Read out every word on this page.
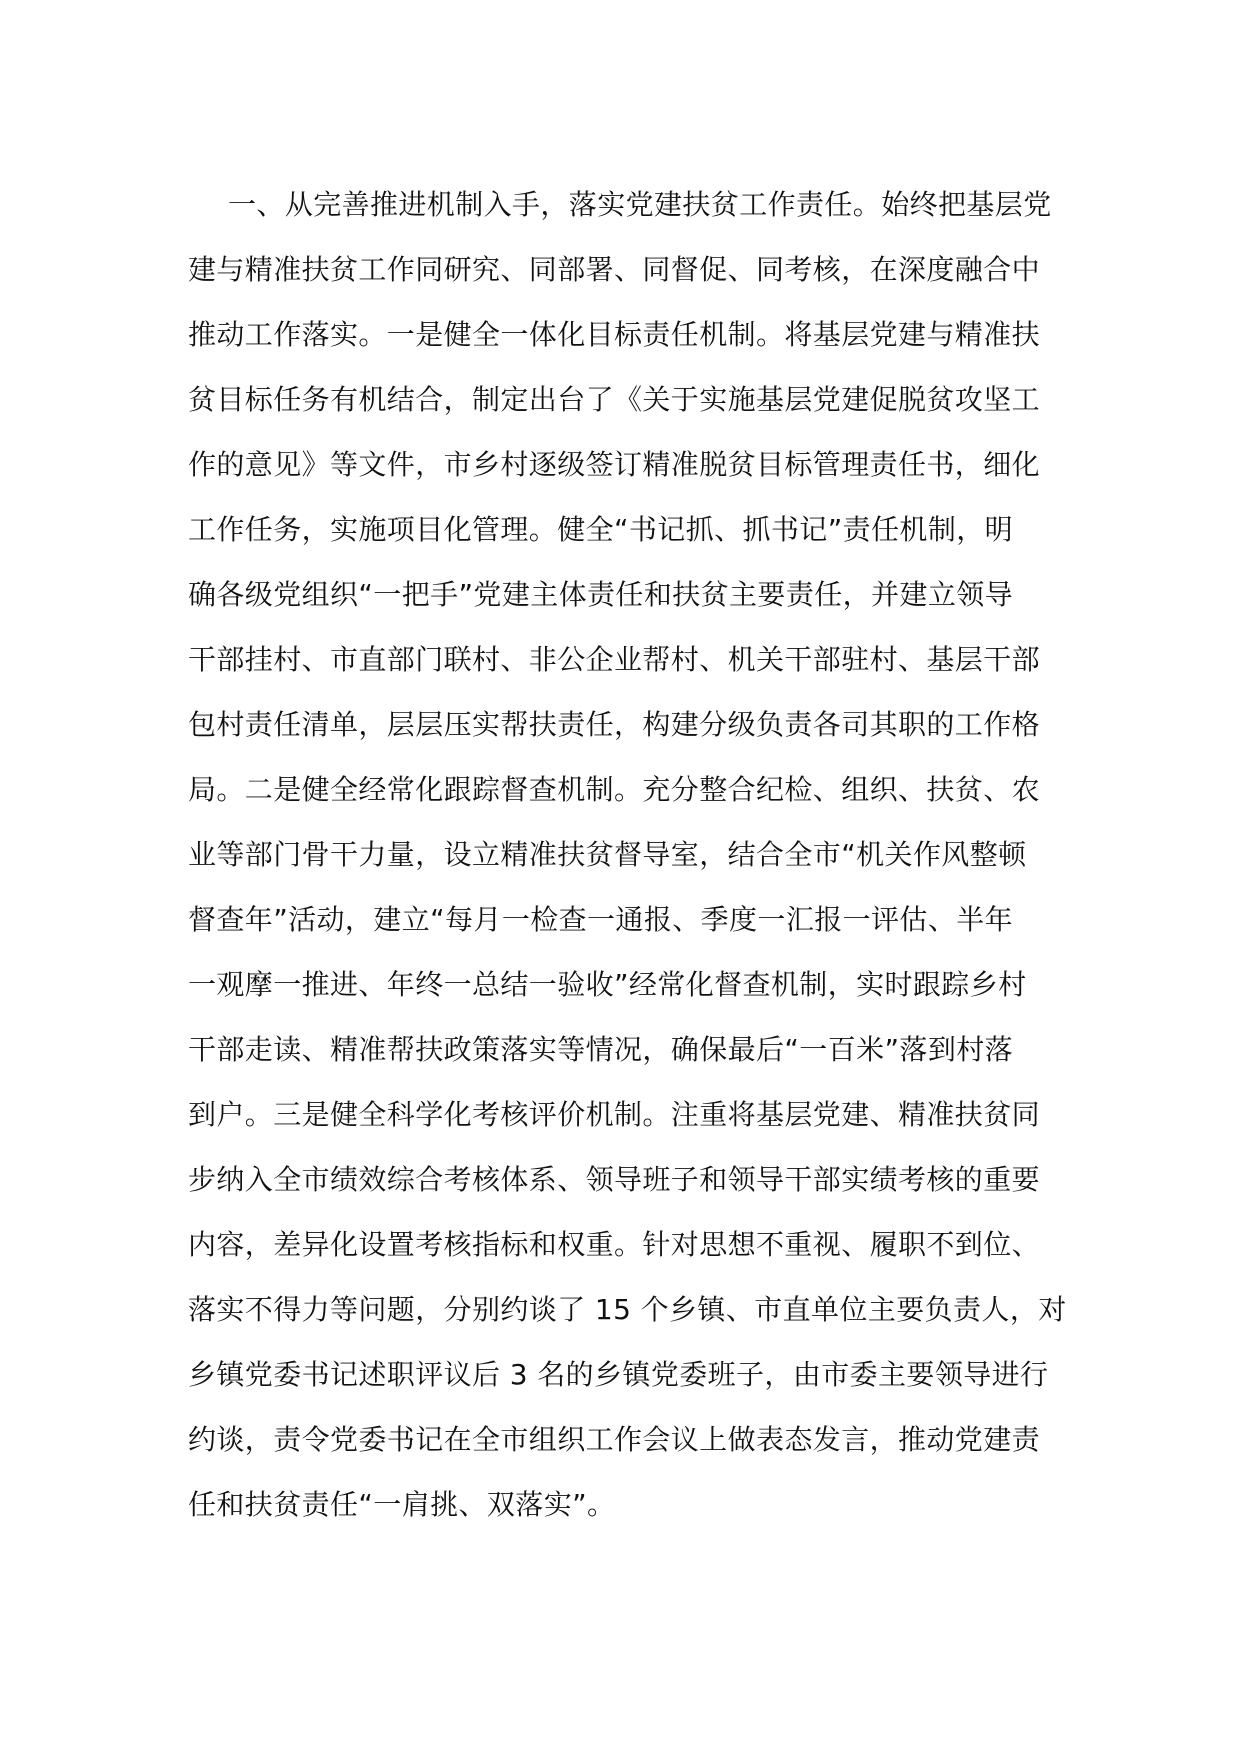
一、从完善推进机制入手，落实党建扶贫工作责任。始终把基层党
建与精准扶贫工作同研究、同部署、同督促、同考核，在深度融合中
推动工作落实。一是健全一体化目标责任机制。将基层党建与精准扶
贫目标任务有机结合，制定出台了《关于实施基层党建促脱贫攻坚工
作的意见》等文件，市乡村逐级签订精准脱贫目标管理责任书，细化
工作任务，实施项目化管理。健全“书记抓、抓书记”责任机制，明
确各级党组织“一把手”党建主体责任和扶贫主要责任，并建立领导
干部挂村、市直部门联村、非公企业帮村、机关干部驻村、基层干部
包村责任清单，层层压实帮扶责任，构建分级负责各司其职的工作格
局。二是健全经常化跟踪督查机制。充分整合纪检、组织、扶贫、农
业等部门骨干力量，设立精准扶贫督导室，结合全市“机关作风整顿
督查年”活动，建立“每月一检查一通报、季度一汇报一评估、半年
一观摩一推进、年终一总结一验收”经常化督查机制，实时跟踪乡村
干部走读、精准帮扶政策落实等情况，确保最后“一百米”落到村落
到户。三是健全科学化考核评价机制。注重将基层党建、精准扶贫同
步纳入全市绩效综合考核体系、领导班子和领导干部实绩考核的重要
内容，差异化设置考核指标和权重。针对思想不重视、履职不到位、
落实不得力等问题，分别约谈了 15 个乡镇、市直单位主要负责人，对
乡镇党委书记述职评议后 3 名的乡镇党委班子，由市委主要领导进行
约谈，责令党委书记在全市组织工作会议上做表态发言，推动党建责
任和扶贫责任“一肩挑、双落实”。
